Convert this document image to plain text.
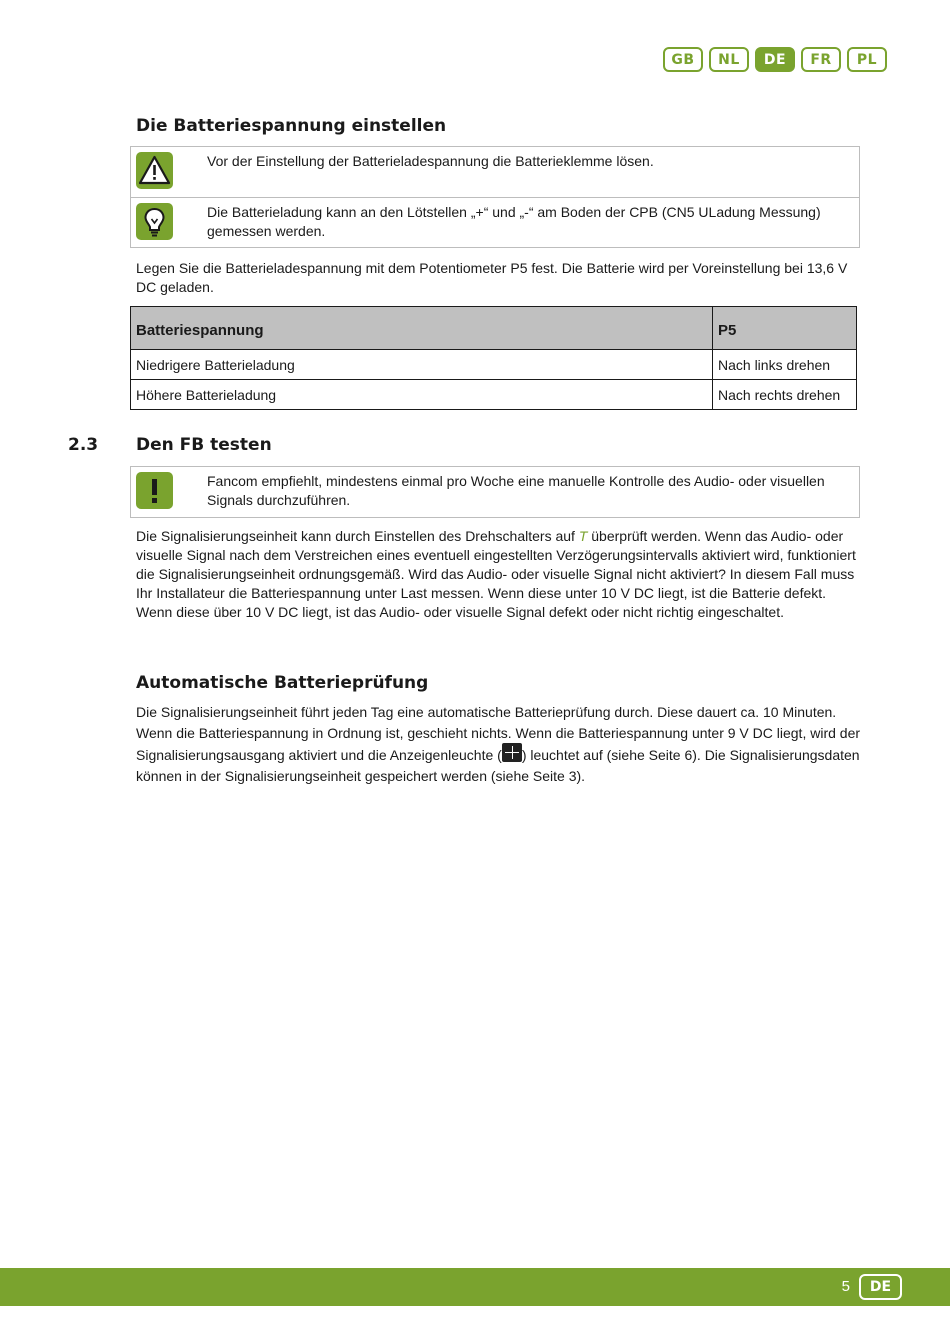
GB	NL	DE	FR	PL
Die Batteriespannung einstellen
Vor der Einstellung der Batterieladespannung die Batterieklemme lösen.
Die Batterieladung kann an den Lötstellen „+“ und „-“ am Boden der CPB (CN5 ULadung Messung) gemessen werden.

Legen Sie die Batterieladespannung mit dem Potentiometer P5 fest. Die Batterie wird per Voreinstellung bei 13,6 V DC geladen.

Batteriespannung	P5
Niedrigere Batterieladung	Nach links drehen
Höhere Batterieladung	Nach rechts drehen
2.3 Den FB testen
Fancom empfiehlt, mindestens einmal pro Woche eine manuelle Kontrolle des Audio- oder visuellen Signals durchzuführen.

Die Signalisierungseinheit kann durch Einstellen des Drehschalters auf T überprüft werden. Wenn das Audio- oder visuelle Signal nach dem Verstreichen eines eventuell eingestellten Verzögerungsintervalls aktiviert wird, funktioniert die Signalisierungseinheit ordnungsgemäß. Wird das Audio- oder visuelle Signal nicht aktiviert? In diesem Fall muss Ihr Installateur die Batteriespannung unter Last messen. Wenn diese unter 10 V DC liegt, ist die Batterie defekt. Wenn diese über 10 V DC liegt, ist das Audio- oder visuelle Signal defekt oder nicht richtig eingeschaltet.

Automatische Batterieprüfung

Die Signalisierungseinheit führt jeden Tag eine automatische Batterieprüfung durch. Diese dauert ca. 10 Minuten. Wenn die Batteriespannung in Ordnung ist, geschieht nichts. Wenn die Batteriespannung unter 9 V DC liegt, wird der Signalisierungsausgang aktiviert und die Anzeigenleuchte ( ) leuchtet auf (siehe Seite 6). Die Signalisierungsdaten können in der Signalisierungseinheit gespeichert werden (siehe Seite 3).

5	DE
